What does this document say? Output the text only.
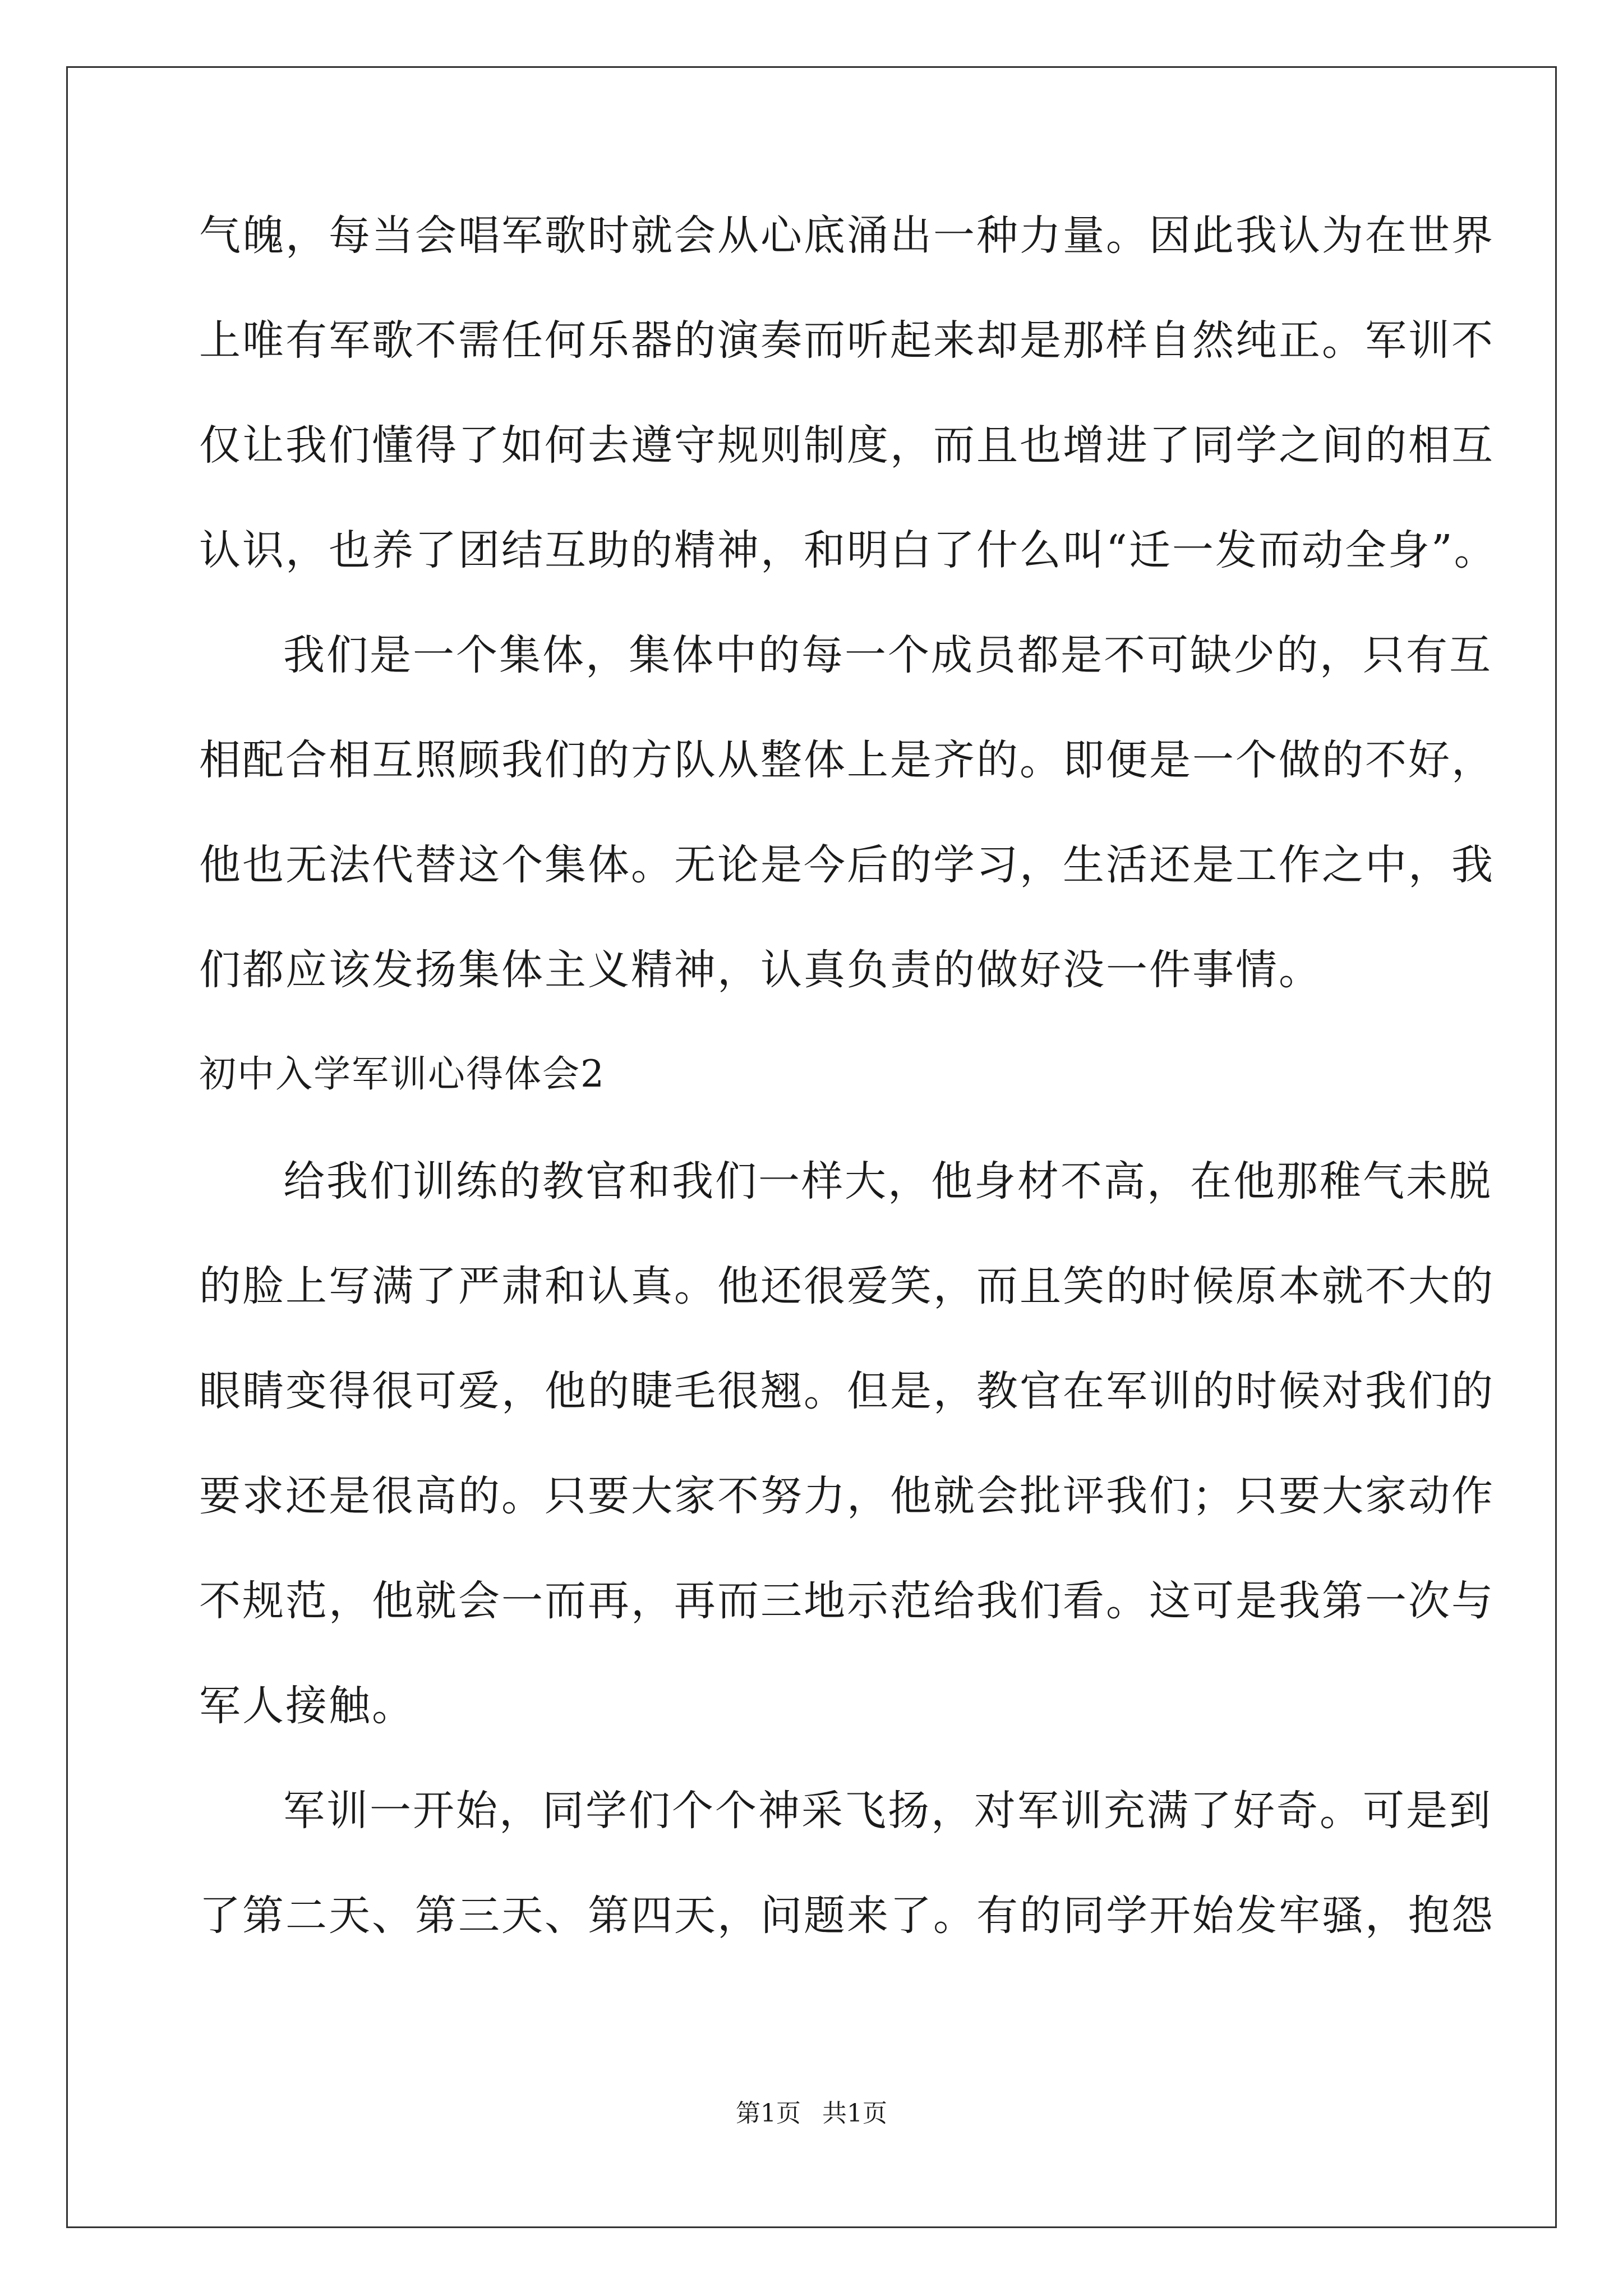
气魄，每当会唱军歌时就会从心底涌出一种力量。因此我认为在世界
上唯有军歌不需任何乐器的演奏而听起来却是那样自然纯正。军训不
仅让我们懂得了如何去遵守规则制度，而且也增进了同学之间的相互
认识，也养了团结互助的精神，和明白了什么叫“迁一发而动全身”。
我们是一个集体，集体中的每一个成员都是不可缺少的，只有互
相配合相互照顾我们的方队从整体上是齐的。即便是一个做的不好，
他也无法代替这个集体。无论是今后的学习，生活还是工作之中，我
们都应该发扬集体主义精神，认真负责的做好没一件事情。
初中入学军训心得体会2
给我们训练的教官和我们一样大，他身材不高，在他那稚气未脱
的脸上写满了严肃和认真。他还很爱笑，而且笑的时候原本就不大的
眼睛变得很可爱，他的睫毛很翘。但是，教官在军训的时候对我们的
要求还是很高的。只要大家不努力，他就会批评我们；只要大家动作
不规范，他就会一而再，再而三地示范给我们看。这可是我第一次与
军人接触。
军训一开始，同学们个个神采飞扬，对军训充满了好奇。可是到
了第二天、第三天、第四天，问题来了。有的同学开始发牢骚，抱怨
第1页 共1页
